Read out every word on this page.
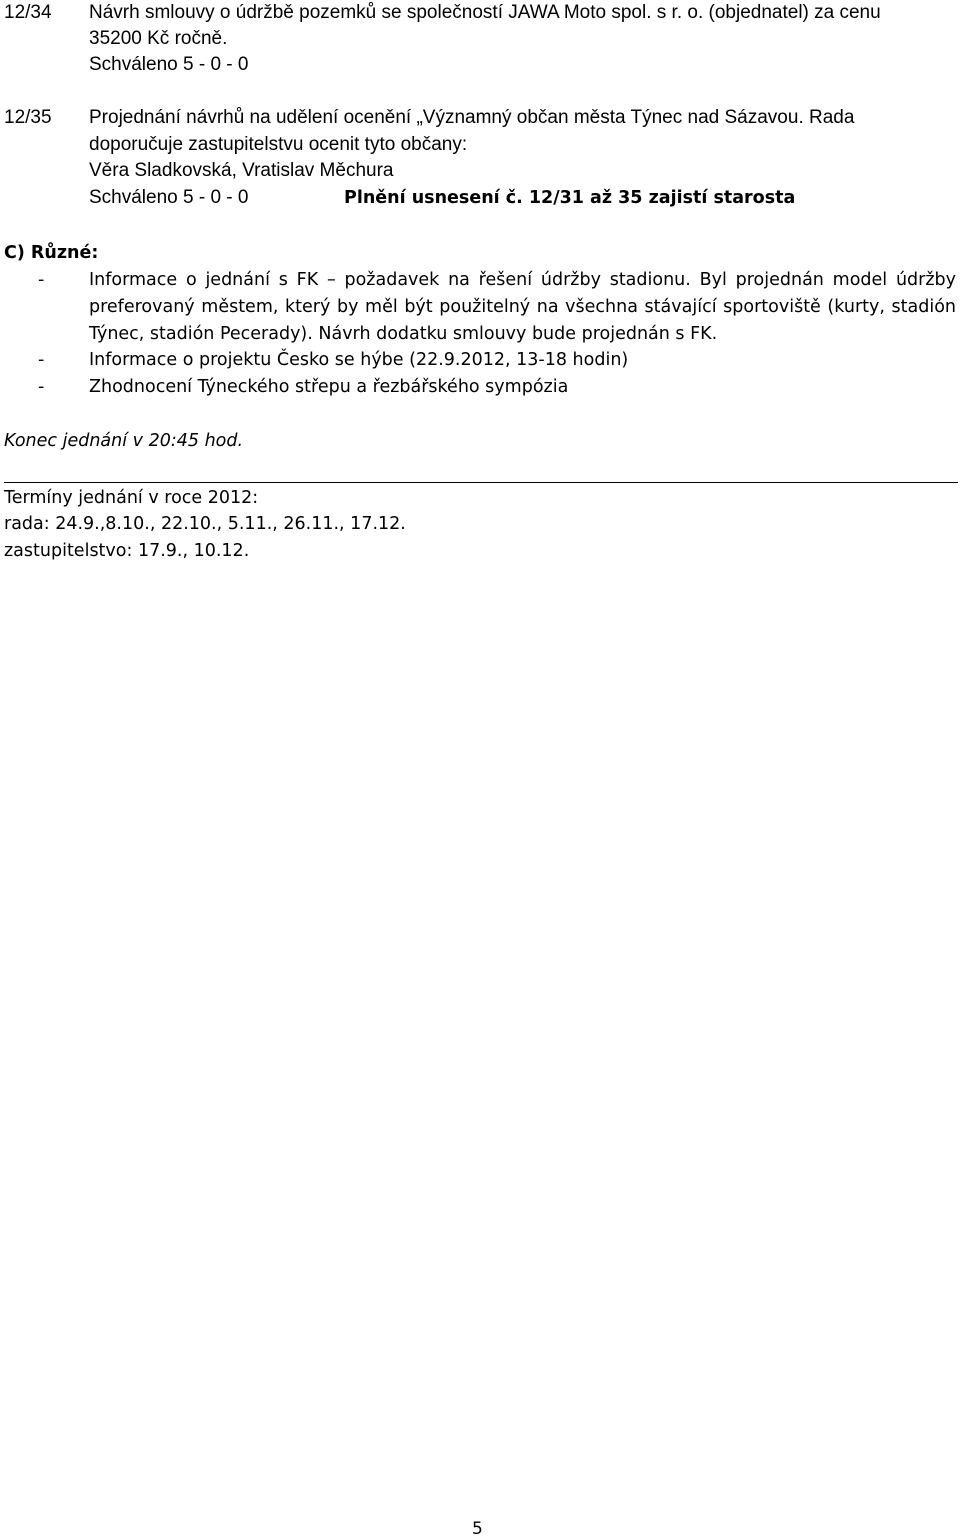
12/34 Návrh smlouvy o údržbě pozemků se společností JAWA Moto spol. s r. o. (objednatel) za cenu
35200 Kč ročně.
Schváleno 5 - 0 - 0
12/35 Projednání návrhů na udělení ocenění „Významný občan města Týnec nad Sázavou. Rada
doporučuje zastupitelstvu ocenit tyto občany:
Věra Sladkovská, Vratislav Měchura
Schváleno 5 - 0 - 0	Plnění usnesení č. 12/31 až 35 zajistí starosta
C) Různé:
-	Informace o jednání s FK – požadavek na řešení údržby stadionu. Byl projednán model údržby
preferovaný městem, který by měl být použitelný na všechna stávající sportoviště (kurty, stadión
Týnec, stadión Pecerady). Návrh dodatku smlouvy bude projednán s FK.
-	Informace o projektu Česko se hýbe (22.9.2012, 13-18 hodin)
-	Zhodnocení Týneckého střepu a řezbářského sympózia
Konec jednání v 20:45 hod.
Termíny jednání v roce 2012:
rada: 24.9.,8.10., 22.10., 5.11., 26.11., 17.12.
zastupitelstvo: 17.9., 10.12.
5
